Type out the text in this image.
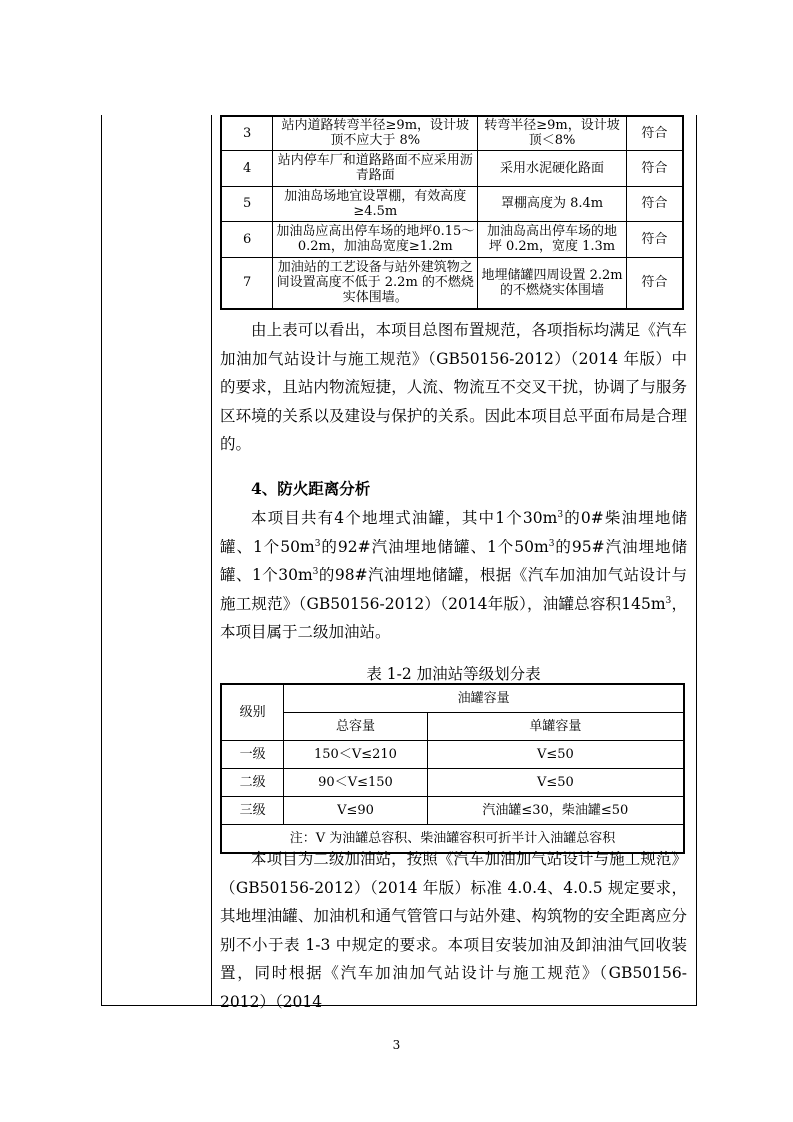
3	站内道路转弯半径≥9m，设计坡顶不应大于 8%	转弯半径≥9m，设计坡顶＜8%	符合
4	站内停车厂和道路路面不应采用沥青路面	采用水泥硬化路面	符合
5	加油岛场地宜设罩棚，有效高度≥4.5m	罩棚高度为 8.4m	符合
6	加油岛应高出停车场的地坪0.15～0.2m，加油岛宽度≥1.2m	加油岛高出停车场的地坪 0.2m，宽度 1.3m	符合
7	加油站的工艺设备与站外建筑物之间设置高度不低于 2.2m 的不燃烧实体围墙。	地埋储罐四周设置 2.2m 的不燃烧实体围墙	符合

由上表可以看出，本项目总图布置规范，各项指标均满足《汽车加油加气站设计与施工规范》（GB50156-2012）（2014 年版）中的要求，且站内物流短捷，人流、物流互不交叉干扰，协调了与服务区环境的关系以及建设与保护的关系。因此本项目总平面布局是合理的。

4、防火距离分析

本项目共有4个地埋式油罐，其中1个$30m^3$的0#柴油埋地储罐、1个$50m^3$的92#汽油埋地储罐、1个$50m^3$的95#汽油埋地储罐、1个$30m^3$的98#汽油埋地储罐，根据《汽车加油加气站设计与施工规范》（GB50156-2012）（2014年版），油罐总容积$145m^3$，本项目属于二级加油站。

表 1-2 加油站等级划分表

级别	油罐容量	
	总容量	单罐容量
一级	150＜V≤210	V≤50
二级	90＜V≤150	V≤50
三级	V≤90	汽油罐≤30，柴油罐≤50
注：V 为油罐总容积、柴油罐容积可折半计入油罐总容积		

本项目为二级加油站，按照《汽车加油加气站设计与施工规范》（GB50156-2012）（2014 年版）标准 4.0.4、4.0.5 规定要求，其地埋油罐、加油机和通气管管口与站外建、构筑物的安全距离应分别不小于表 1-3 中规定的要求。本项目安装加油及卸油油气回收装置，同时根据《汽车加油加气站设计与施工规范》（GB50156-2012）（2014

3
